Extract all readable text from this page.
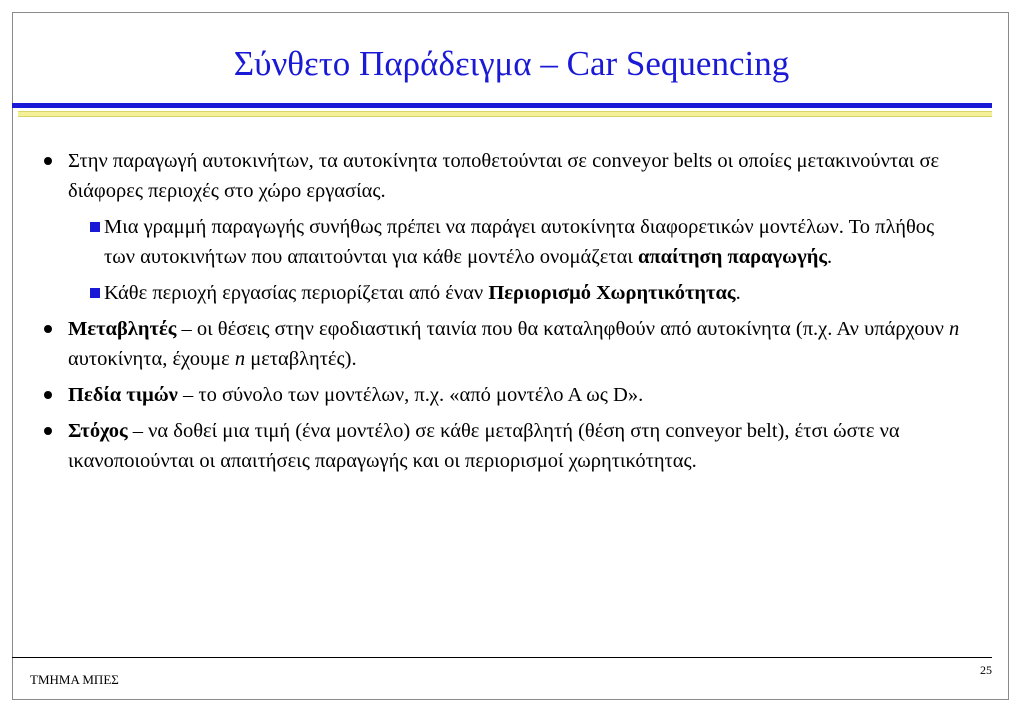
Σύνθετο Παράδειγμα – Car Sequencing
Στην παραγωγή αυτοκινήτων, τα αυτοκίνητα τοποθετούνται σε conveyor belts οι οποίες μετακινούνται σε διάφορες περιοχές στο χώρο εργασίας.
Μια γραμμή παραγωγής συνήθως πρέπει να παράγει αυτοκίνητα διαφορετικών μοντέλων. Το πλήθος των αυτοκινήτων που απαιτούνται για κάθε μοντέλο ονομάζεται απαίτηση παραγωγής.
Κάθε περιοχή εργασίας περιορίζεται από έναν Περιορισμό Χωρητικότητας.
Μεταβλητές – οι θέσεις στην εφοδιαστική ταινία που θα καταληφθούν από αυτοκίνητα (π.χ. Αν υπάρχουν n αυτοκίνητα, έχουμε n μεταβλητές).
Πεδία τιμών – το σύνολο των μοντέλων, π.χ. «από μοντέλο Α ως D».
Στόχος – να δοθεί μια τιμή (ένα μοντέλο) σε κάθε μεταβλητή (θέση στη conveyor belt), έτσι ώστε να ικανοποιούνται οι απαιτήσεις παραγωγής και οι περιορισμοί χωρητικότητας.
ΤΜΗΜΑ ΜΠΕΣ
25
